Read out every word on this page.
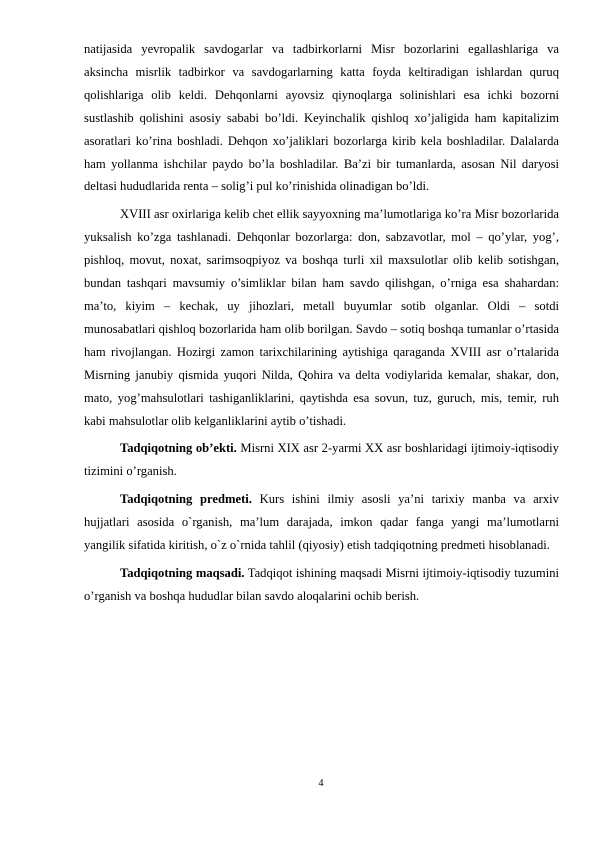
natijasida yevropalik savdogarlar va tadbirkorlarni Misr bozorlarini egallashlariga va aksincha misrlik tadbirkor va savdogarlarning katta foyda keltiradigan ishlardan quruq qolishlariga olib keldi. Dehqonlarni ayovsiz qiynoqlarga solinishlari esa ichki bozorni sustlashib qolishini asosiy sababi bo’ldi. Keyinchalik qishloq xo’jaligida ham kapitalizim asoratlari ko’rina boshladi. Dehqon xo’jaliklari bozorlarga kirib kela boshladilar. Dalalarda ham yollanma ishchilar paydo bo’la boshladilar. Ba’zi bir tumanlarda, asosan Nil daryosi deltasi hududlarida renta – solig’i pul ko’rinishida olinadigan bo’ldi.

XVIII asr oxirlariga kelib chet ellik sayyoxning ma’lumotlariga ko’ra Misr bozorlarida yuksalish ko’zga tashlanadi. Dehqonlar bozorlarga: don, sabzavotlar, mol – qo’ylar, yog’, pishloq, movut, noxat, sarimsoqpiyoz va boshqa turli xil maxsulotlar olib kelib sotishgan, bundan tashqari mavsumiy o’simliklar bilan ham savdo qilishgan, o’rniga esa shahardan: ma’to, kiyim – kechak, uy jihozlari, metall buyumlar sotib olganlar. Oldi – sotdi munosabatlari qishloq bozorlarida ham olib borilgan. Savdo – sotiq boshqa tumanlar o’rtasida ham rivojlangan. Hozirgi zamon tarixchilarining aytishiga qaraganda XVIII asr o’rtalarida Misrning janubiy qismida yuqori Nilda, Qohira va delta vodiylarida kemalar, shakar, don, mato, yog’mahsulotlari tashiganliklarini, qaytishda esa sovun, tuz, guruch, mis, temir, ruh kabi mahsulotlar olib kelganliklarini aytib o’tishadi.

Tadqiqotning ob’ekti. Misrni XIX asr 2-yarmi XX asr boshlaridagi ijtimoiy-iqtisodiy tizimini o’rganish.

Tadqiqotning predmeti. Kurs ishini ilmiy asosli ya’ni tarixiy manba va arxiv hujjatlari asosida o`rganish, ma’lum darajada, imkon qadar fanga yangi ma’lumotlarni yangilik sifatida kiritish, o`z o`rnida tahlil (qiyosiy) etish tadqiqotning predmeti hisoblanadi.

Tadqiqotning maqsadi. Tadqiqot ishining maqsadi Misrni ijtimoiy-iqtisodiy tuzumini o’rganish va boshqa hududlar bilan savdo aloqalarini ochib berish.

4
